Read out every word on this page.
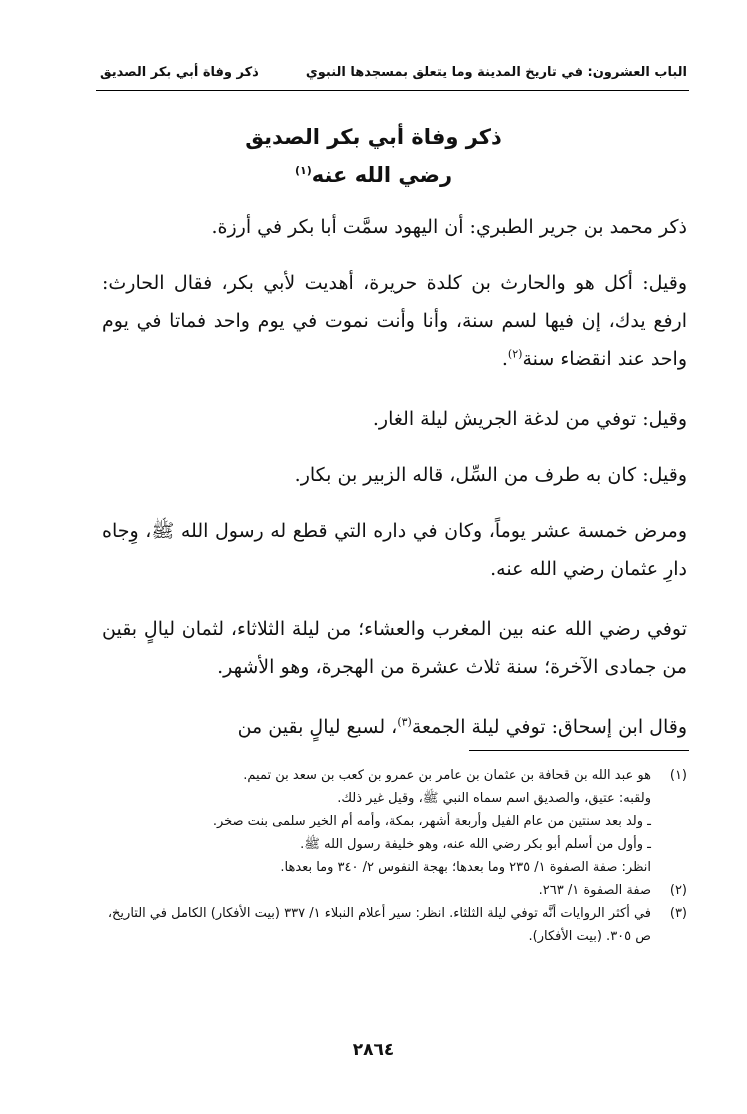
الباب العشرون: في تاريخ المدينة وما يتعلق بمسجدها النبوي
ذكر وفاة أبي بكر الصديق
ذكر وفاة أبي بكر الصديق
رضي الله عنه$^{(١)}$

ذكر محمد بن جرير الطبري: أن اليهود سمَّت أبا بكر في أرزة.

وقيل: أكل هو والحارث بن كلدة حريرة، أهديت لأبي بكر، فقال الحارث: ارفع يدك، إن فيها لسم سنة، وأنا وأنت نموت في يوم واحد فماتا في يوم واحد عند انقضاء سنة$^{(٢)}$.

وقيل: توفي من لدغة الجريش ليلة الغار.

وقيل: كان به طرف من السِّل، قاله الزبير بن بكار.

ومرض خمسة عشر يوماً، وكان في داره التي قطع له رسول الله ﷺ، وِجاه دارِ عثمان رضي الله عنه.

توفي رضي الله عنه بين المغرب والعشاء؛ من ليلة الثلاثاء، لثمان ليالٍ بقين من جمادى الآخرة؛ سنة ثلاث عشرة من الهجرة، وهو الأشهر.

وقال ابن إسحاق: توفي ليلة الجمعة$^{(٣)}$، لسبع ليالٍ بقين من

(١)
هو عبد الله بن قحافة بن عثمان بن عامر بن عمرو بن كعب بن سعد بن تميم.
ولقبه: عتيق، والصديق اسم سماه النبي ﷺ، وقيل غير ذلك.
ـ ولد بعد سنتين من عام الفيل وأربعة أشهر، بمكة، وأمه أم الخير سلمى بنت صخر.
ـ وأول من أسلم أبو بكر رضي الله عنه، وهو خليفة رسول الله ﷺ.
انظر: صفة الصفوة ١/ ٢٣٥ وما بعدها؛ بهجة النفوس ٢/ ٣٤٠ وما بعدها.
(٢)
صفة الصفوة ١/ ٢٦٣.
(٣)
في أكثر الروايات أنَّه توفي ليلة الثلثاء. انظر: سير أعلام النبلاء ١/ ٣٣٧ (بيت الأفكار) الكامل في التاريخ، ص ٣٠٥. (بيت الأفكار).
٢٨٦٤
